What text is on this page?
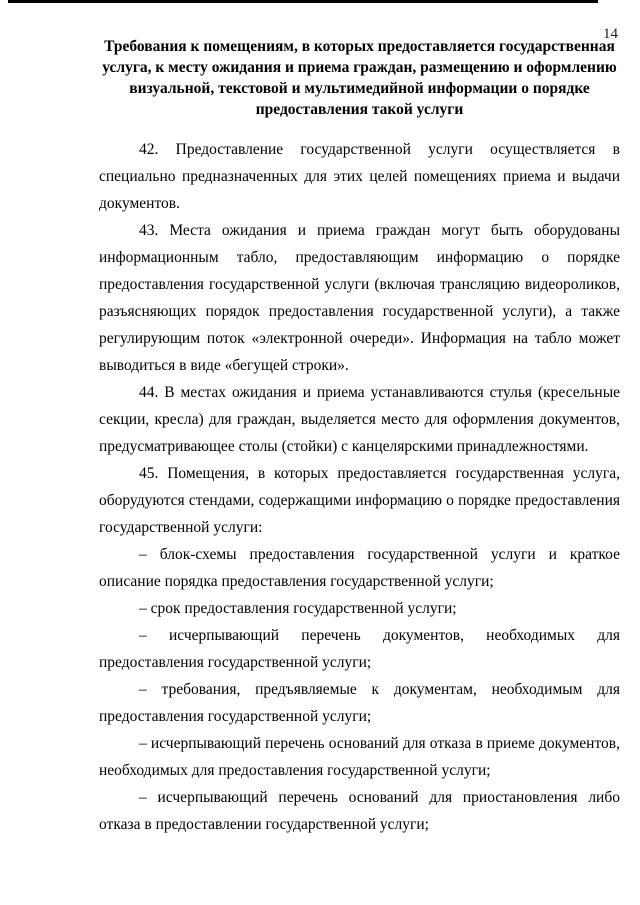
14
Требования к помещениям, в которых предоставляется государственная услуга, к месту ожидания и приема граждан, размещению и оформлению визуальной, текстовой и мультимедийной информации о порядке предоставления такой услуги

42. Предоставление государственной услуги осуществляется в специально предназначенных для этих целей помещениях приема и выдачи документов.

43. Места ожидания и приема граждан могут быть оборудованы информационным табло, предоставляющим информацию о порядке предоставления государственной услуги (включая трансляцию видеороликов, разъясняющих порядок предоставления государственной услуги), а также регулирующим поток «электронной очереди». Информация на табло может выводиться в виде «бегущей строки».

44. В местах ожидания и приема устанавливаются стулья (кресельные секции, кресла) для граждан, выделяется место для оформления документов, предусматривающее столы (стойки) с канцелярскими принадлежностями.

45. Помещения, в которых предоставляется государственная услуга, оборудуются стендами, содержащими информацию о порядке предоставления государственной услуги:

– блок-схемы предоставления государственной услуги и краткое описание порядка предоставления государственной услуги;

– срок предоставления государственной услуги;

– исчерпывающий перечень документов, необходимых для предоставления государственной услуги;

– требования, предъявляемые к документам, необходимым для предоставления государственной услуги;

– исчерпывающий перечень оснований для отказа в приеме документов, необходимых для предоставления государственной услуги;

– исчерпывающий перечень оснований для приостановления либо отказа в предоставлении государственной услуги;
